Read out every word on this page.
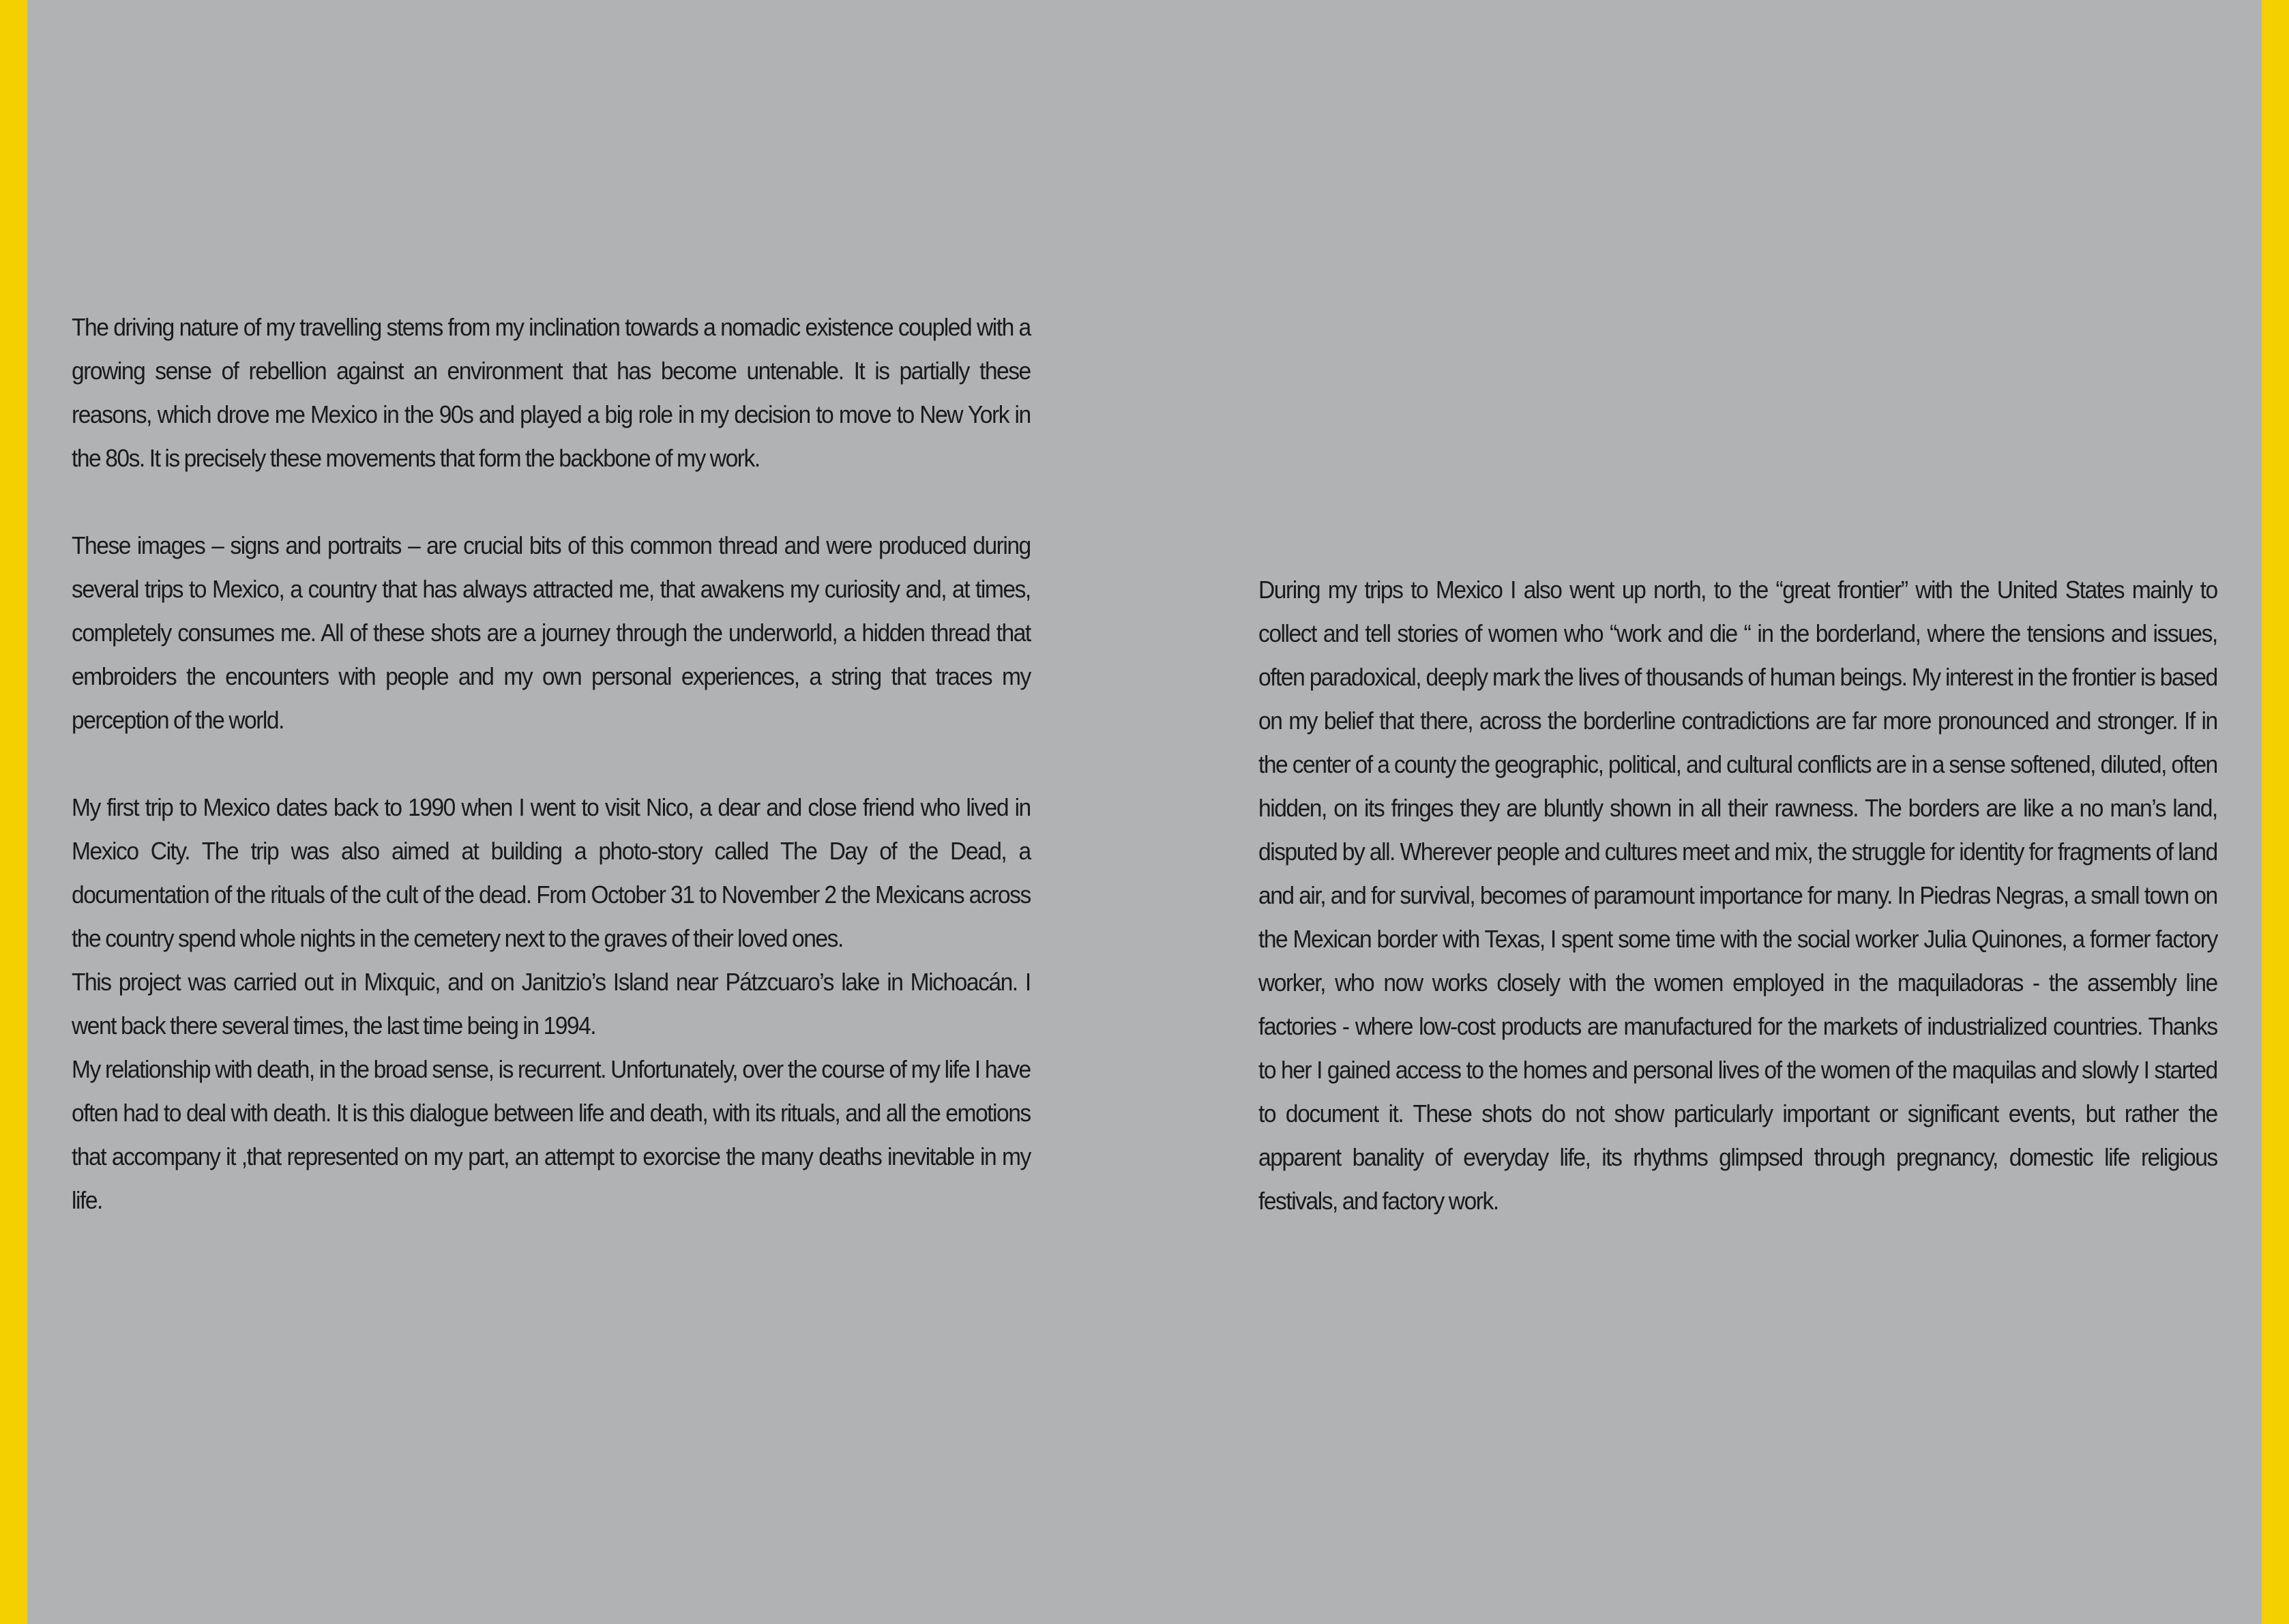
The driving nature of my travelling stems from my inclination towards a nomadic existence coupled with a growing sense of rebellion against an environment that has become untenable. It is partially these reasons, which drove me Mexico in the 90s and played a big role in my decision to move to New York in the 80s. It is precisely these movements that form the backbone of my work.

These images – signs and portraits – are crucial bits of this common thread and were produced during several trips to Mexico, a country that has always attracted me, that awakens my curiosity and, at times, completely consumes me. All of these shots are a journey through the underworld, a hidden thread that embroiders the encounters with people and my own personal experiences, a string that traces my perception of the world.

My first trip to Mexico dates back to 1990 when I went to visit Nico, a dear and close friend who lived in Mexico City. The trip was also aimed at building a photo-story called The Day of the Dead, a documentation of the rituals of the cult of the dead. From October 31 to November 2 the Mexicans across the country spend whole nights in the cemetery next to the graves of their loved ones.

This project was carried out in Mixquic, and on Janitzio’s Island near Pátzcuaro’s lake in Michoacán. I went back there several times, the last time being in 1994.

My relationship with death, in the broad sense, is recurrent. Unfortunately, over the course of my life I have often had to deal with death. It is this dialogue between life and death, with its rituals, and all the emotions that accompany it ,that represented on my part, an attempt to exorcise the many deaths inevitable in my life.

During my trips to Mexico I also went up north, to the “great frontier” with the United States mainly to collect and tell stories of women who “work and die “ in the borderland, where the tensions and issues, often paradoxical, deeply mark the lives of thousands of human beings. My interest in the frontier is based on my belief that there, across the borderline contradictions are far more pronounced and stronger. If in the center of a county the geographic, political, and cultural conflicts are in a sense softened, diluted, often hidden, on its fringes they are bluntly shown in all their rawness. The borders are like a no man’s land, disputed by all. Wherever people and cultures meet and mix, the struggle for identity for fragments of land and air, and for survival, becomes of paramount importance for many. In Piedras Negras, a small town on the Mexican border with Texas, I spent some time with the social worker Julia Quinones, a former factory worker, who now works closely with the women employed in the maquiladoras - the assembly line factories - where low-cost products are manufactured for the markets of industrialized countries. Thanks to her I gained access to the homes and personal lives of the women of the maquilas and slowly I started to document it. These shots do not show particularly important or significant events, but rather the apparent banality of everyday life, its rhythms glimpsed through pregnancy, domestic life religious festivals, and factory work.
